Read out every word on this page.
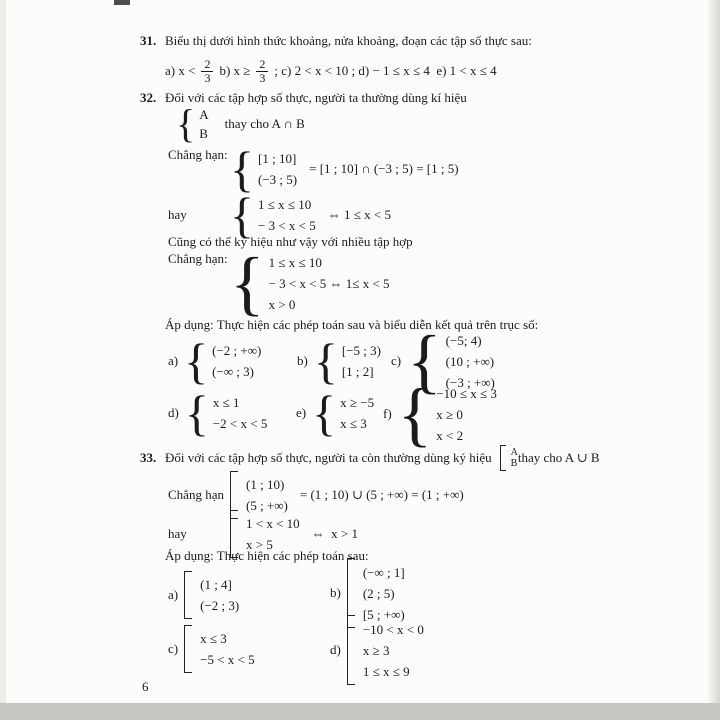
31. Biểu thị dưới hình thức khoảng, nửa khoảng, đoạn các tập số thực sau:
a) $x < \frac{2}{3} b$) $x \ge \frac{2}{3}$ ; c) 2 < x < 10 ; d) − 1 ≤ x ≤ 4  e) 1 < x ≤ 4
32. Đối với các tập hợp số thực, người ta thường dùng kí hiệu
{ A
B
thay cho A ∩ B
Chẳng hạn: { [1 ; 10]
(−3 ; 5)
= [1 ; 10] ∩ (−3 ; 5) = [1 ; 5)
hay { 1 ≤ x ≤ 10
− 3 < x < 5
⇔ 1 ≤ x < 5
Cũng có thể ký hiệu như vậy với nhiều tập hợp
Chẳng hạn: { 1 ≤ x ≤ 10
− 3 < x < 5 ⇔ 1≤ x < 5
x > 0
Áp dụng: Thực hiện các phép toán sau và biểu diễn kết quả trên trục số:
a) { (−2 ; +∞)
(−∞ ; 3)
b) { [−5 ; 3)
[1 ; 2]
c) { (−5; 4)
(10 ; +∞)
(−3 ; +∞)
d) { x ≤ 1
−2 < x < 5
e) { x ≥ −5
x ≤ 3
f) { −10 ≤ x ≤ 3
x ≥ 0
x < 2
33. Đối với các tập hợp số thực, người ta còn thường dùng ký hiệu A
B thay cho A ∪ B
Chẳng hạn
(1 ; 10)
(5 ; +∞)
= (1 ; 10) ∪ (5 ; +∞) = (1 ; +∞)
hay
1 < x < 10
x > 5
⇔  x > 1
Áp dụng: Thực hiện các phép toán sau:
a)
(1 ; 4]
(−2 ; 3)
b)
(−∞ ; 1]
(2 ; 5)
[5 ; +∞)
c)
x ≤ 3
−5 < x < 5
d)
−10 < x < 0
x ≥ 3
1 ≤ x ≤ 9
6
